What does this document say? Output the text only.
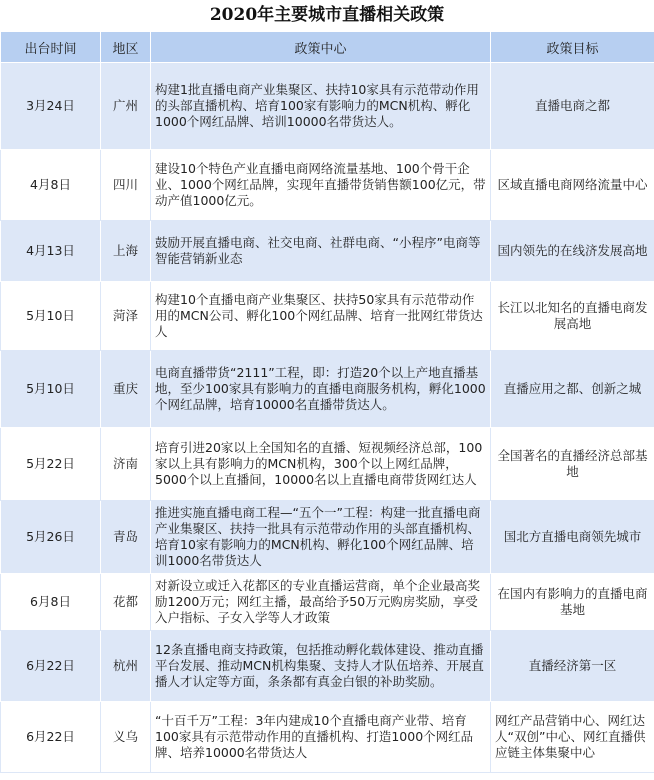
2020年主要城市直播相关政策
出台时间	地区	政策中心	政策目标
3月24日	广州	构建1批直播电商产业集聚区、扶持10家具有示范带动作用的头部直播机构、培育100家有影响力的MCN机构、孵化1000个网红品牌、培训10000名带货达人。	直播电商之都
4月8日	四川	建设10个特色产业直播电商网络流量基地、100个骨干企业、1000个网红品牌，实现年直播带货销售额100亿元，带动产值1000亿元。	区域直播电商网络流量中心
4月13日	上海	鼓励开展直播电商、社交电商、社群电商、“小程序”电商等智能营销新业态	国内领先的在线济发展高地
5月10日	菏泽	构建10个直播电商产业集聚区、扶持50家具有示范带动作用的MCN公司、孵化100个网红品牌、培育一批网红带货达人	长江以北知名的直播电商发展高地
5月10日	重庆	电商直播带货“2111”工程，即：打造20个以上产地直播基地，至少100家具有影响力的直播电商服务机构，孵化1000个网红品牌，培育10000名直播带货达人。	直播应用之都、创新之城
5月22日	济南	培育引进20家以上全国知名的直播、短视频经济总部，100家以上具有影响力的MCN机构，300个以上网红品牌，5000个以上直播间，10000名以上直播电商带货网红达人	全国著名的直播经济总部基地
5月26日	青岛	推进实施直播电商工程—“五个一”工程：构建一批直播电商产业集聚区、扶持一批具有示范带动作用的头部直播机构、培育10家有影响力的MCN机构、孵化100个网红品牌、培训1000名带货达人	国北方直播电商领先城市
6月8日	花都	对新设立或迁入花都区的专业直播运营商，单个企业最高奖励1200万元；网红主播，最高给予50万元购房奖励，享受入户指标、子女入学等人才政策	在国内有影响力的直播电商基地
6月22日	杭州	12条直播电商支持政策，包括推动孵化载体建设、推动直播平台发展、推动MCN机构集聚、支持人才队伍培养、开展直播人才认定等方面，条条都有真金白银的补助奖励。	直播经济第一区
6月22日	义乌	“十百千万”工程：3年内建成10个直播电商产业带、培育100家具有示范带动作用的直播机构、打造1000个网红品牌、培养10000名带货达人	网红产品营销中心、网红达人“双创”中心、网红直播供应链主体集聚中心
